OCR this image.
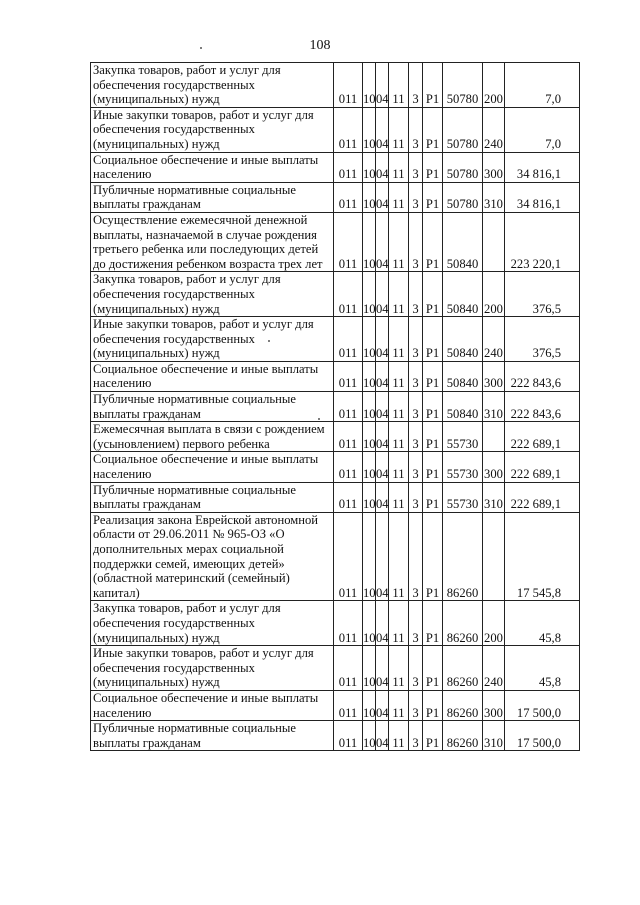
108
Закупка товаров, работ и услуг для обеспечения государственных (муниципальных) нужд	011	10	04	11	3	P1	50780	200	7,0
Иные закупки товаров, работ и услуг для обеспечения государственных (муниципальных) нужд	011	10	04	11	3	P1	50780	240	7,0
Социальное обеспечение и иные выплаты населению	011	10	04	11	3	P1	50780	300	34 816,1
Публичные нормативные социальные выплаты гражданам	011	10	04	11	3	P1	50780	310	34 816,1
Осуществление ежемесячной денежной выплаты, назначаемой в случае рождения третьего ребенка или последующих детей до достижения ребенком возраста трех лет	011	10	04	11	3	P1	50840		223 220,1
Закупка товаров, работ и услуг для обеспечения государственных (муниципальных) нужд	011	10	04	11	3	P1	50840	200	376,5
Иные закупки товаров, работ и услуг для обеспечения государственных (муниципальных) нужд	011	10	04	11	3	P1	50840	240	376,5
Социальное обеспечение и иные выплаты населению	011	10	04	11	3	P1	50840	300	222 843,6
Публичные нормативные социальные выплаты гражданам	011	10	04	11	3	P1	50840	310	222 843,6
Ежемесячная выплата в связи с рождением (усыновлением) первого ребенка	011	10	04	11	3	P1	55730		222 689,1
Социальное обеспечение и иные выплаты населению	011	10	04	11	3	P1	55730	300	222 689,1
Публичные нормативные социальные выплаты гражданам	011	10	04	11	3	P1	55730	310	222 689,1
Реализация закона Еврейской автономной области от 29.06.2011 № 965-ОЗ «О дополнительных мерах социальной поддержки семей, имеющих детей» (областной материнский (семейный) капитал)	011	10	04	11	3	P1	86260		17 545,8
Закупка товаров, работ и услуг для обеспечения государственных (муниципальных) нужд	011	10	04	11	3	P1	86260	200	45,8
Иные закупки товаров, работ и услуг для обеспечения государственных (муниципальных) нужд	011	10	04	11	3	P1	86260	240	45,8
Социальное обеспечение и иные выплаты населению	011	10	04	11	3	P1	86260	300	17 500,0
Публичные нормативные социальные выплаты гражданам	011	10	04	11	3	P1	86260	310	17 500,0
